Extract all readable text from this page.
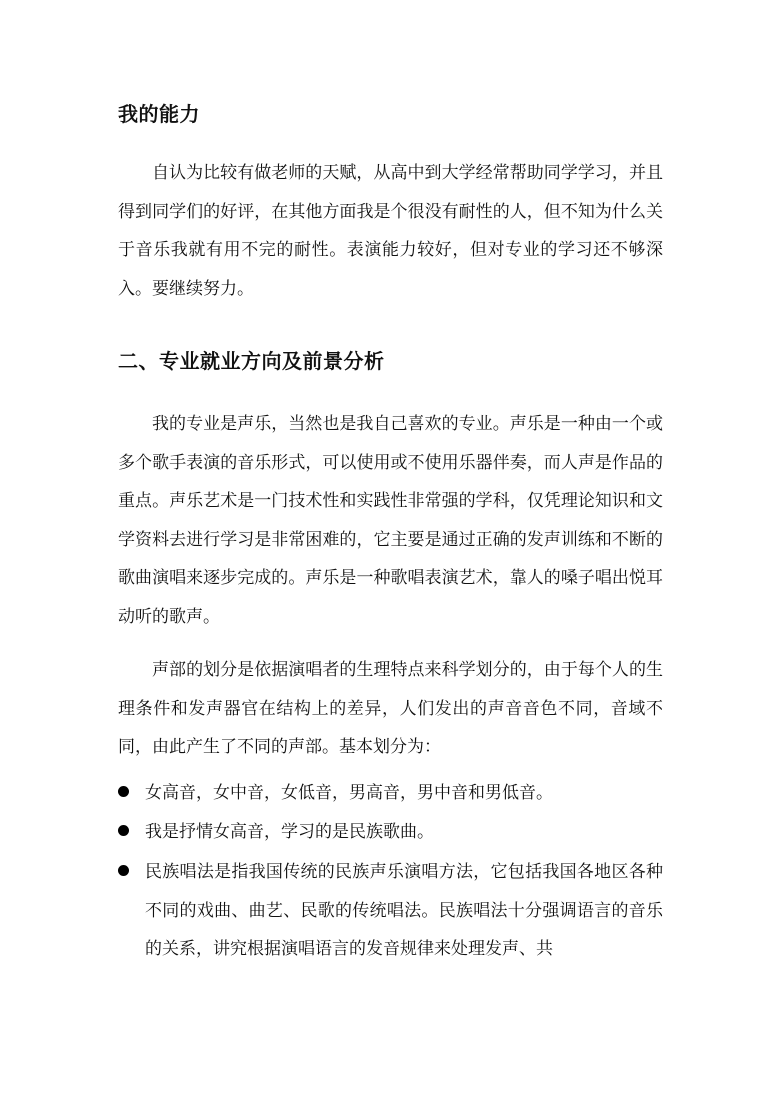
我的能力
自认为比较有做老师的天赋，从高中到大学经常帮助同学学习，并且得到同学们的好评，在其他方面我是个很没有耐性的人，但不知为什么关于音乐我就有用不完的耐性。表演能力较好，但对专业的学习还不够深入。要继续努力。
二、专业就业方向及前景分析
我的专业是声乐，当然也是我自己喜欢的专业。声乐是一种由一个或多个歌手表演的音乐形式，可以使用或不使用乐器伴奏，而人声是作品的重点。声乐艺术是一门技术性和实践性非常强的学科，仅凭理论知识和文学资料去进行学习是非常困难的，它主要是通过正确的发声训练和不断的歌曲演唱来逐步完成的。声乐是一种歌唱表演艺术，靠人的嗓子唱出悦耳动听的歌声。
声部的划分是依据演唱者的生理特点来科学划分的，由于每个人的生理条件和发声器官在结构上的差异，人们发出的声音音色不同，音域不同，由此产生了不同的声部。基本划分为：
女高音，女中音，女低音，男高音，男中音和男低音。
我是抒情女高音，学习的是民族歌曲。
民族唱法是指我国传统的民族声乐演唱方法，它包括我国各地区各种不同的戏曲、曲艺、民歌的传统唱法。民族唱法十分强调语言的音乐的关系，讲究根据演唱语言的发音规律来处理发声、共
